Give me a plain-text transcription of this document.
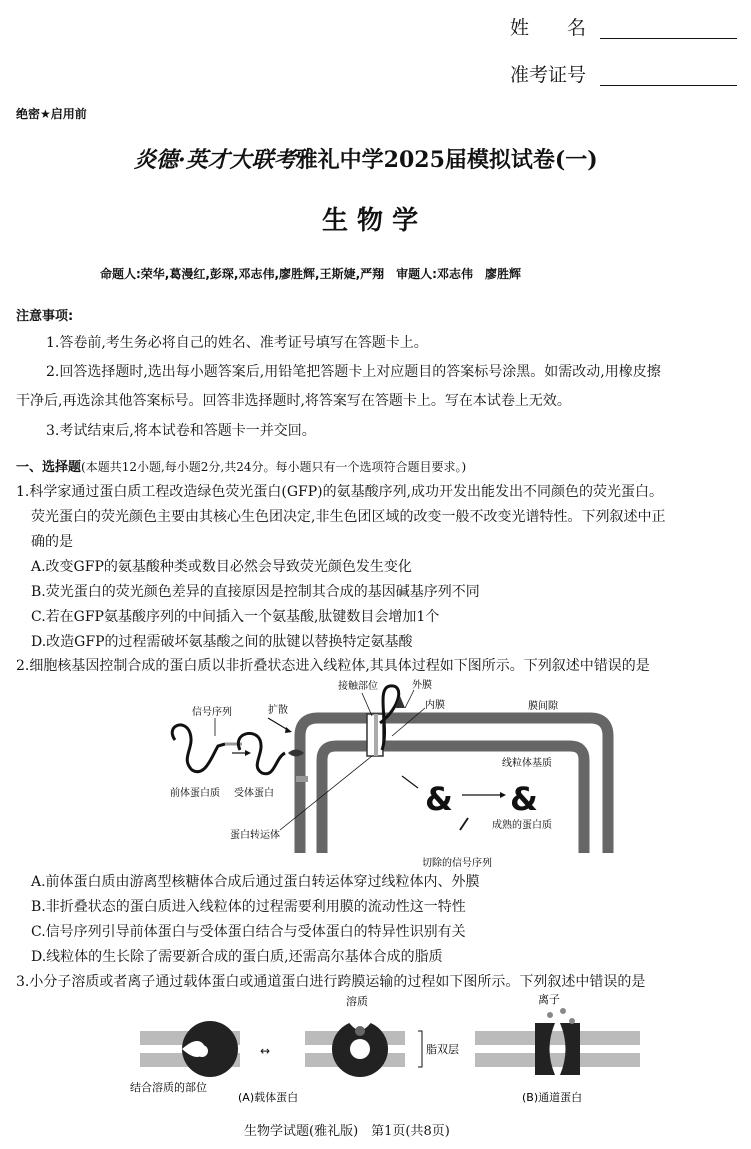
姓　　名
准考证号
绝密★启用前
炎德·英才大联考雅礼中学2025届模拟试卷(一)
生 物 学
命题人:荣华,葛漫红,彭琛,邓志伟,廖胜辉,王斯婕,严翔　审题人:邓志伟　廖胜辉
注意事项:
1.答卷前,考生务必将自己的姓名、准考证号填写在答题卡上。
2.回答选择题时,选出每小题答案后,用铅笔把答题卡上对应题目的答案标号涂黑。如需改动,用橡皮擦
干净后,再选涂其他答案标号。回答非选择题时,将答案写在答题卡上。写在本试卷上无效。
3.考试结束后,将本试卷和答题卡一并交回。
一、选择题(本题共12小题,每小题2分,共24分。每小题只有一个选项符合题目要求。)
1.科学家通过蛋白质工程改造绿色荧光蛋白(GFP)的氨基酸序列,成功开发出能发出不同颜色的荧光蛋白。
荧光蛋白的荧光颜色主要由其核心生色团决定,非生色团区域的改变一般不改变光谱特性。下列叙述中正
确的是
A.改变GFP的氨基酸种类或数目必然会导致荧光颜色发生变化
B.荧光蛋白的荧光颜色差异的直接原因是控制其合成的基因碱基序列不同
C.若在GFP氨基酸序列的中间插入一个氨基酸,肽键数目会增加1个
D.改造GFP的过程需破坏氨基酸之间的肽键以替换特定氨基酸
2.细胞核基因控制合成的蛋白质以非折叠状态进入线粒体,其具体过程如下图所示。下列叙述中错误的是
& &
信号序列	扩散
接触部位	外膜
内膜	膜间隙
线粒体基质
前体蛋白质 受体蛋白
蛋白转运体
成熟的蛋白质
切除的信号序列
A.前体蛋白质由游离型核糖体合成后通过蛋白转运体穿过线粒体内、外膜
B.非折叠状态的蛋白质进入线粒体的过程需要利用膜的流动性这一特性
C.信号序列引导前体蛋白与受体蛋白结合与受体蛋白的特异性识别有关
D.线粒体的生长除了需要新合成的蛋白质,还需高尔基体合成的脂质
3.小分子溶质或者离子通过载体蛋白或通道蛋白进行跨膜运输的过程如下图所示。下列叙述中错误的是
↔
溶质	离子
脂双层
结合溶质的部位
(A)载体蛋白	(B)通道蛋白
生物学试题(雅礼版)　第1页(共8页)
